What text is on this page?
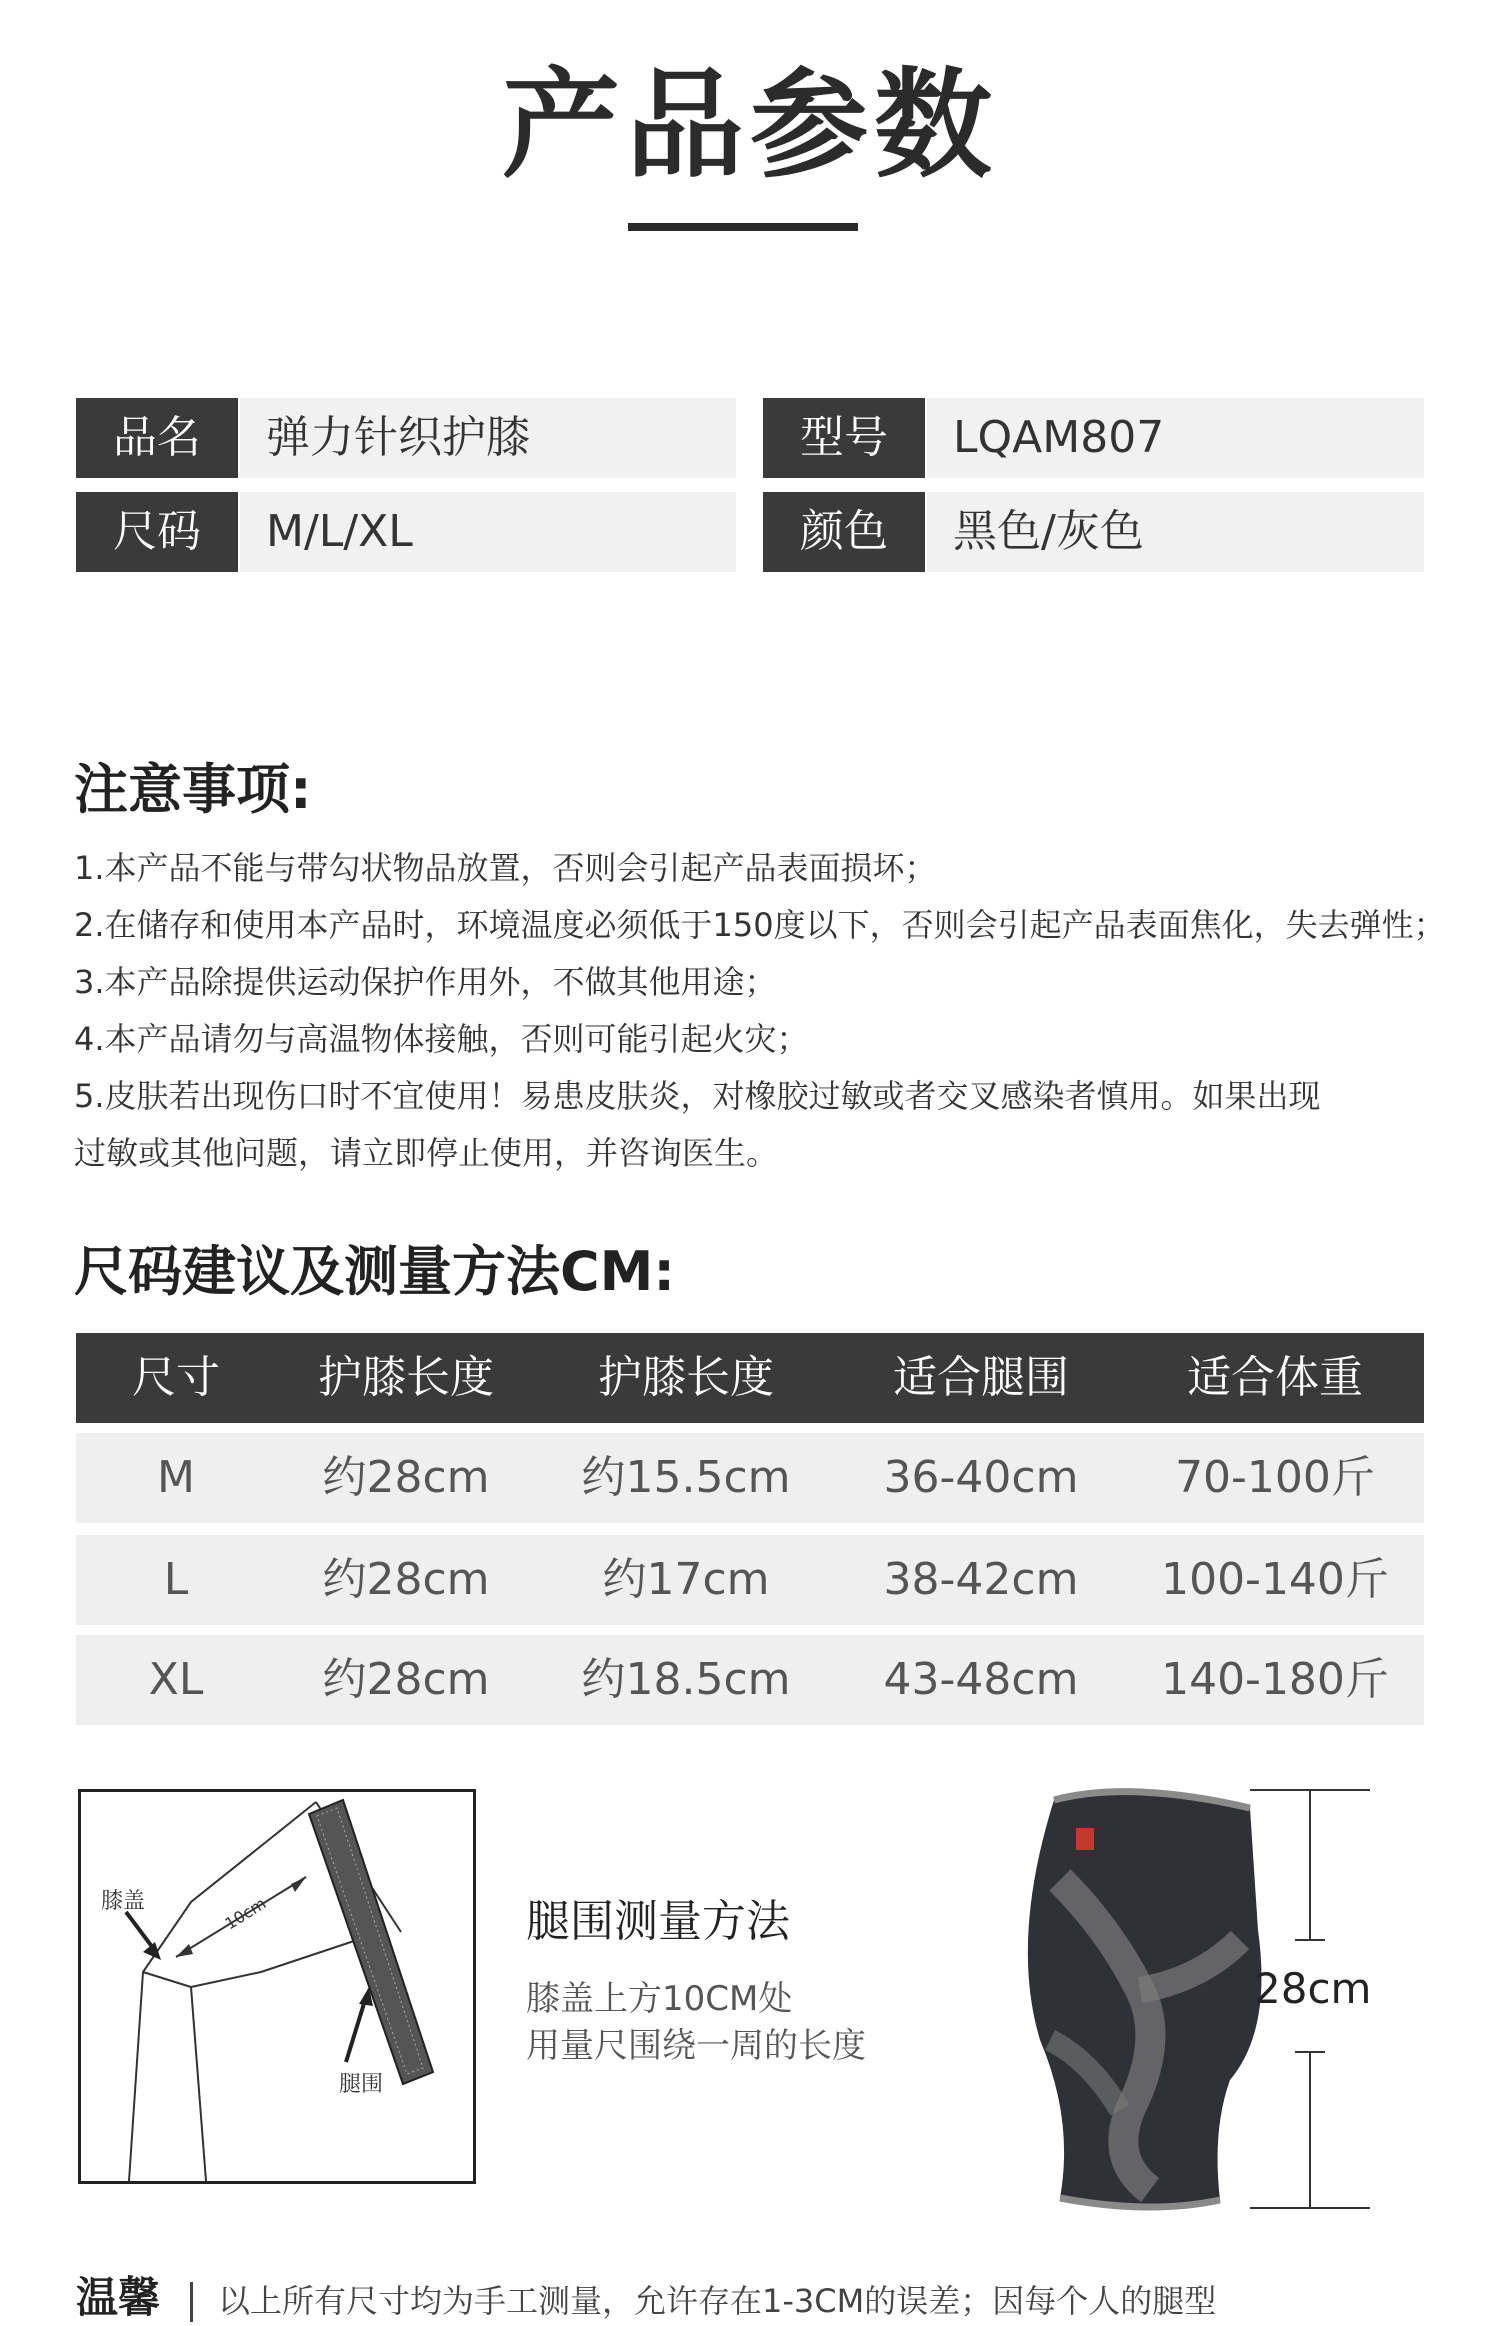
产品参数
品名	弹力针织护膝	型号	LQAM807
尺码	M/L/XL	颜色	黑色/灰色
注意事项:
1.本产品不能与带勾状物品放置，否则会引起产品表面损坏；
2.在储存和使用本产品时，环境温度必须低于150度以下，否则会引起产品表面焦化，失去弹性；
3.本产品除提供运动保护作用外，不做其他用途；
4.本产品请勿与高温物体接触，否则可能引起火灾；
5.皮肤若出现伤口时不宜使用！易患皮肤炎，对橡胶过敏或者交叉感染者慎用。如果出现
过敏或其他问题，请立即停止使用，并咨询医生。
尺码建议及测量方法CM:
尺寸	护膝长度	护膝长度	适合腿围	适合体重
M	约28cm	约15.5cm	36-40cm	70-100斤
L	约28cm	约17cm	38-42cm	100-140斤
XL	约28cm	约18.5cm	43-48cm	140-180斤
膝盖	10cm
腿围
腿围测量方法
膝盖上方10CM处
用量尺围绕一周的长度
28cm
温馨 以上所有尺寸均为手工测量，允许存在1-3CM的误差；因每个人的腿型
